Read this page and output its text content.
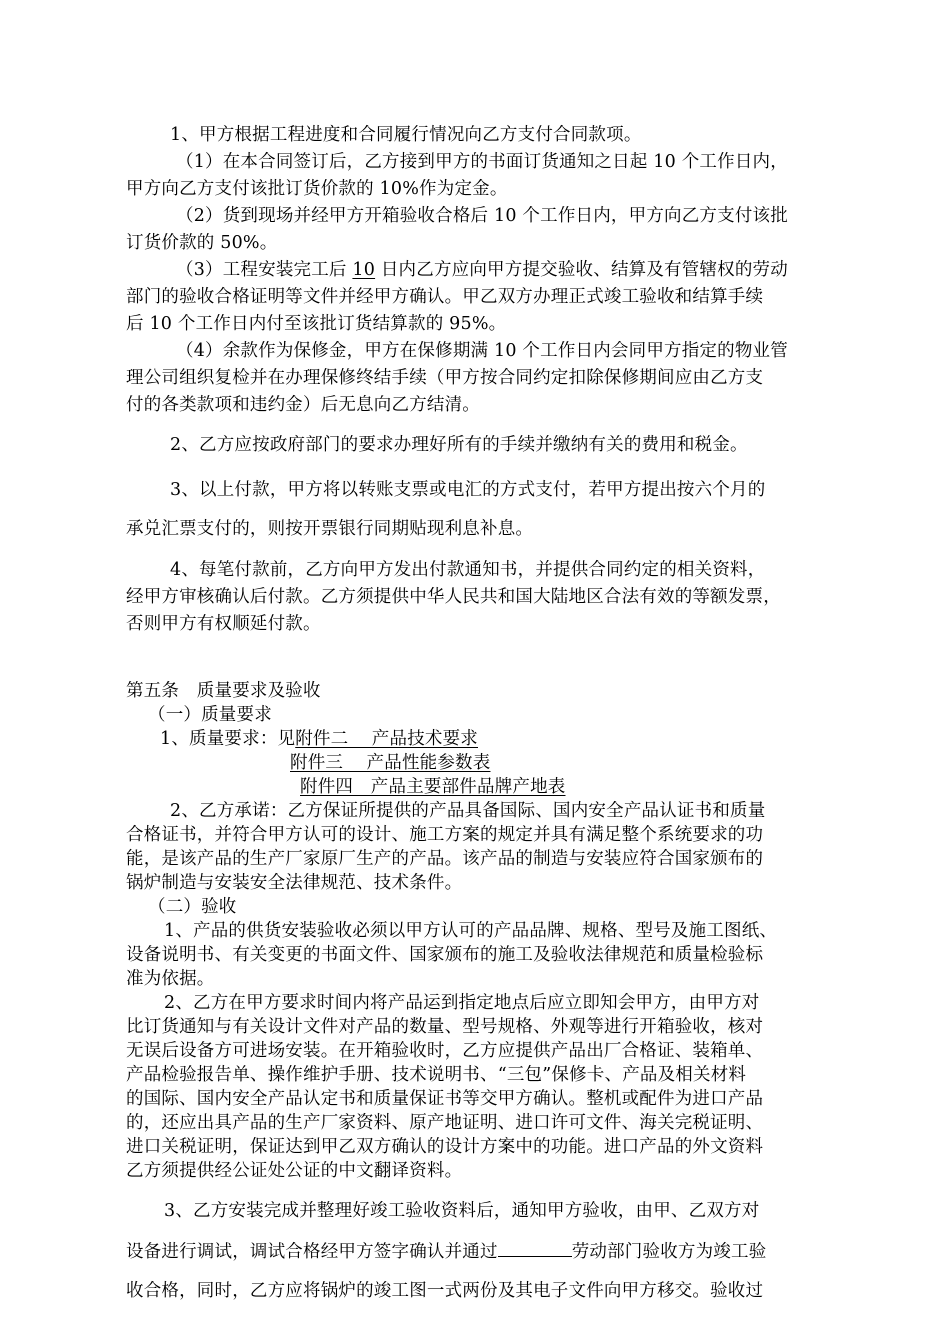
1、甲方根据工程进度和合同履行情况向乙方支付合同款项。
（1）在本合同签订后，乙方接到甲方的书面订货通知之日起 10 个工作日内，
甲方向乙方支付该批订货价款的 10%作为定金。
（2）货到现场并经甲方开箱验收合格后 10 个工作日内，甲方向乙方支付该批
订货价款的 50%。
（3）工程安装完工后 10 日内乙方应向甲方提交验收、结算及有管辖权的劳动
部门的验收合格证明等文件并经甲方确认。甲乙双方办理正式竣工验收和结算手续
后 10 个工作日内付至该批订货结算款的 95%。
（4）余款作为保修金，甲方在保修期满 10 个工作日内会同甲方指定的物业管
理公司组织复检并在办理保修终结手续（甲方按合同约定扣除保修期间应由乙方支
付的各类款项和违约金）后无息向乙方结清。
2、乙方应按政府部门的要求办理好所有的手续并缴纳有关的费用和税金。
3、以上付款，甲方将以转账支票或电汇的方式支付，若甲方提出按六个月的
承兑汇票支付的，则按开票银行同期贴现利息补息。
4、每笔付款前，乙方向甲方发出付款通知书，并提供合同约定的相关资料，
经甲方审核确认后付款。乙方须提供中华人民共和国大陆地区合法有效的等额发票，
否则甲方有权顺延付款。
第五条　质量要求及验收
（一）质量要求
1、质量要求：见附件二　 产品技术要求
附件三　 产品性能参数表
附件四　产品主要部件品牌产地表
2、乙方承诺：乙方保证所提供的产品具备国际、国内安全产品认证书和质量
合格证书，并符合甲方认可的设计、施工方案的规定并具有满足整个系统要求的功
能，是该产品的生产厂家原厂生产的产品。该产品的制造与安装应符合国家颁布的
锅炉制造与安装安全法律规范、技术条件。
（二）验收
1、产品的供货安装验收必须以甲方认可的产品品牌、规格、型号及施工图纸、
设备说明书、有关变更的书面文件、国家颁布的施工及验收法律规范和质量检验标
准为依据。
2、乙方在甲方要求时间内将产品运到指定地点后应立即知会甲方，由甲方对
比订货通知与有关设计文件对产品的数量、型号规格、外观等进行开箱验收，核对
无误后设备方可进场安装。在开箱验收时，乙方应提供产品出厂合格证、装箱单、
产品检验报告单、操作维护手册、技术说明书、“三包”保修卡、产品及相关材料
的国际、国内安全产品认定书和质量保证书等交甲方确认。整机或配件为进口产品
的，还应出具产品的生产厂家资料、原产地证明、进口许可文件、海关完税证明、
进口关税证明，保证达到甲乙双方确认的设计方案中的功能。进口产品的外文资料
乙方须提供经公证处公证的中文翻译资料。
3、乙方安装完成并整理好竣工验收资料后，通知甲方验收，由甲、乙双方对
设备进行调试，调试合格经甲方签字确认并通过	劳动部门验收方为竣工验
收合格，同时，乙方应将锅炉的竣工图一式两份及其电子文件向甲方移交。验收过
